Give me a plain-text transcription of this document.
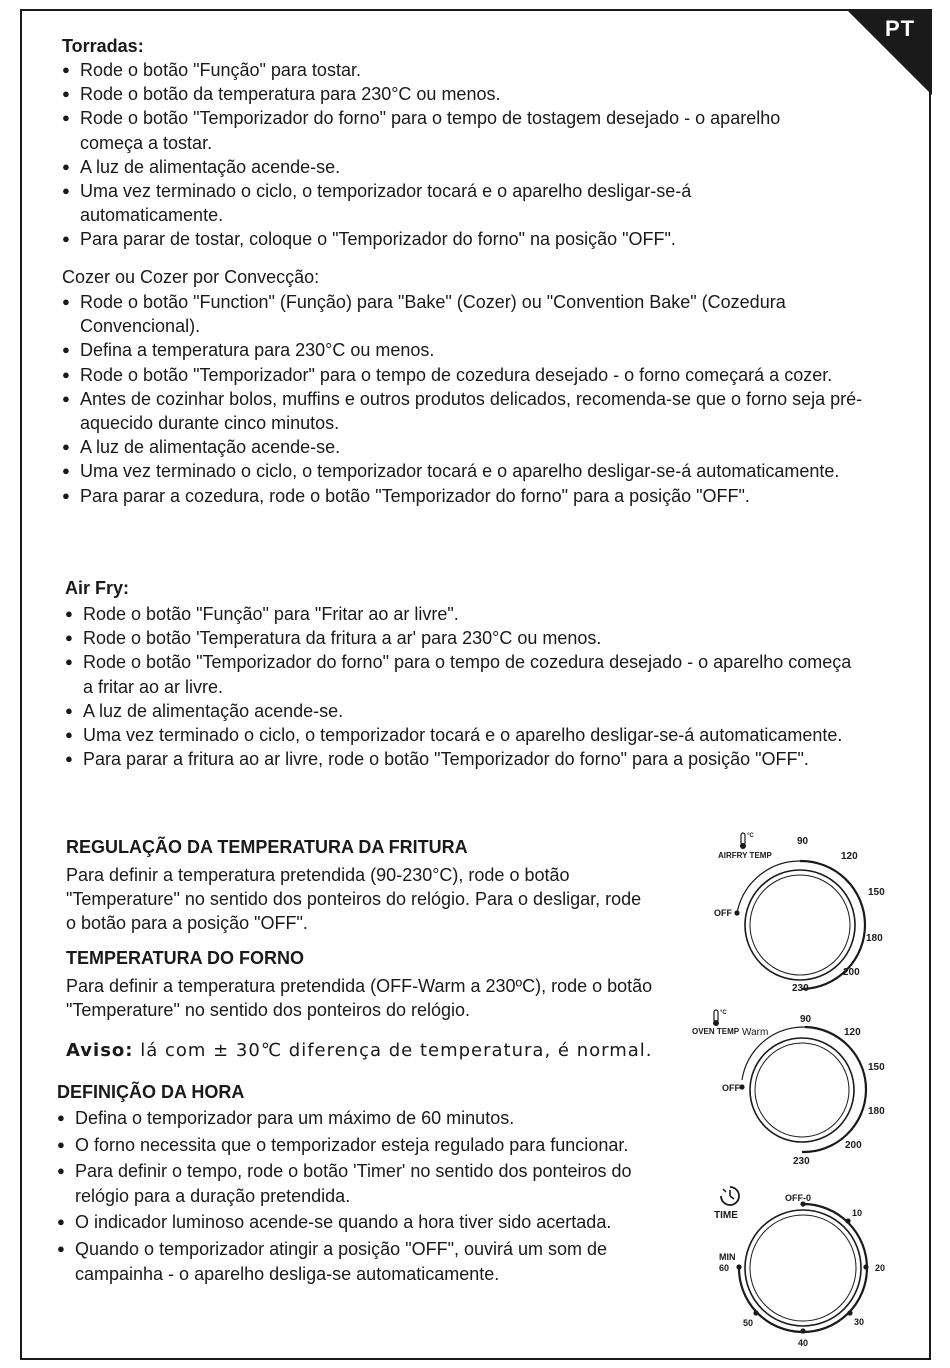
PT
Torradas:
● Rode o botão "Função" para tostar.
● Rode o botão da temperatura para 230°C ou menos.
● Rode o botão "Temporizador do forno" para o tempo de tostagem desejado - o aparelho começa a tostar.
● A luz de alimentação acende-se.
● Uma vez terminado o ciclo, o temporizador tocará e o aparelho desligar-se-á automaticamente.
● Para parar de tostar, coloque o "Temporizador do forno" na posição "OFF".
Cozer ou Cozer por Convecção:
● Rode o botão "Function" (Função) para "Bake" (Cozer) ou "Convention Bake" (Cozedura Convencional).
● Defina a temperatura para 230°C ou menos.
● Rode o botão "Temporizador" para o tempo de cozedura desejado - o forno começará a cozer.
● Antes de cozinhar bolos, muffins e outros produtos delicados, recomenda-se que o forno seja pré-aquecido durante cinco minutos.
● A luz de alimentação acende-se.
● Uma vez terminado o ciclo, o temporizador tocará e o aparelho desligar-se-á automaticamente.
● Para parar a cozedura, rode o botão "Temporizador do forno" para a posição "OFF".
Air Fry:
● Rode o botão "Função" para "Fritar ao ar livre".
● Rode o botão 'Temperatura da fritura a ar' para 230°C ou menos.
● Rode o botão "Temporizador do forno" para o tempo de cozedura desejado - o aparelho começa a fritar ao ar livre.
● A luz de alimentação acende-se.
● Uma vez terminado o ciclo, o temporizador tocará e o aparelho desligar-se-á automaticamente.
● Para parar a fritura ao ar livre, rode o botão "Temporizador do forno" para a posição "OFF".
REGULAÇÃO DA TEMPERATURA DA FRITURA

Para definir a temperatura pretendida (90-230°C), rode o botão "Temperature" no sentido dos ponteiros do relógio. Para o desligar, rode o botão para a posição "OFF".

TEMPERATURA DO FORNO

Para definir a temperatura pretendida (OFF-Warm a 230ºC), rode o botão "Temperature" no sentido dos ponteiros do relógio.

Aviso: lá com ± 30℃ diferença de temperatura, é normal.
DEFINIÇÃO DA HORA
● Defina o temporizador para um máximo de 60 minutos.
● O forno necessita que o temporizador esteja regulado para funcionar.
● Para definir o tempo, rode o botão 'Timer' no sentido dos ponteiros do relógio para a duração pretendida.
● O indicador luminoso acende-se quando a hora tiver sido acertada.
● Quando o temporizador atingir a posição "OFF", ouvirá um som de campainha - o aparelho desliga-se automaticamente.
°C
AIRFRY TEMP
OFF
90
120
150
180
200
230
°C
OVEN TEMP
OFF
Warm
90
120
150
180
200
230
TIME
OFF-0
10
20
30
40
50
MIN
60
